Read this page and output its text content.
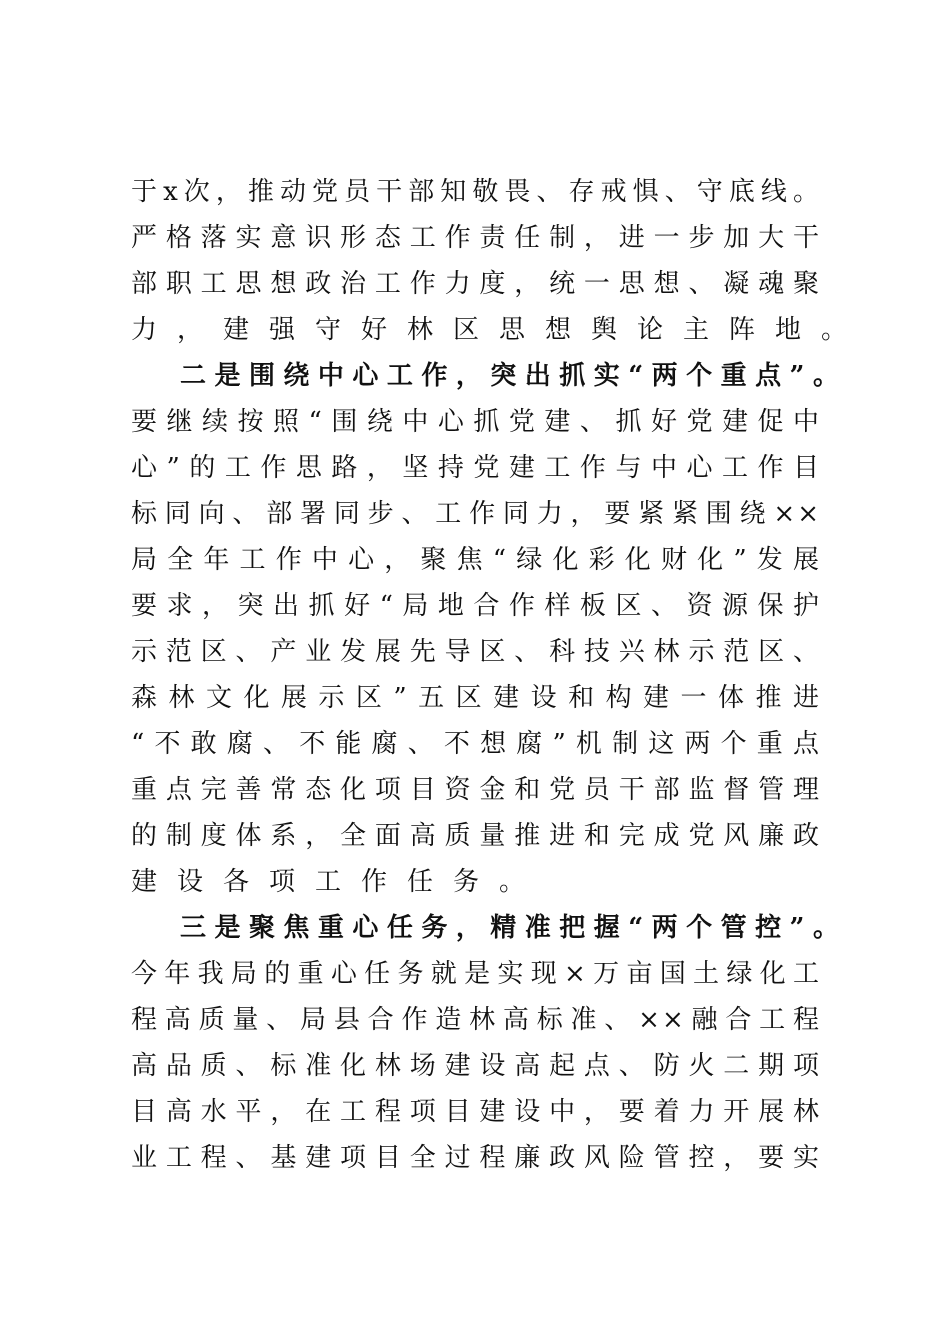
于x次，推动党员干部知敬畏、存戒惧、守底线。
严格落实意识形态工作责任制，进一步加大干
部职工思想政治工作力度，统一思想、凝魂聚
力，建强守好林区思想舆论主阵地。
二是围绕中心工作，突出抓实“两个重点”。
要继续按照“围绕中心抓党建、抓好党建促中
心”的工作思路，坚持党建工作与中心工作目
标同向、部署同步、工作同力，要紧紧围绕××
局全年工作中心，聚焦“绿化彩化财化”发展
要求，突出抓好“局地合作样板区、资源保护
示范区、产业发展先导区、科技兴林示范区、
森林文化展示区”五区建设和构建一体推进
“不敢腐、不能腐、不想腐”机制这两个重点
重点完善常态化项目资金和党员干部监督管理
的制度体系，全面高质量推进和完成党风廉政
建设各项工作任务。
三是聚焦重心任务，精准把握“两个管控”。
今年我局的重心任务就是实现×万亩国土绿化工
程高质量、局县合作造林高标准、××融合工程
高品质、标准化林场建设高起点、防火二期项
目高水平，在工程项目建设中，要着力开展林
业工程、基建项目全过程廉政风险管控，要实
